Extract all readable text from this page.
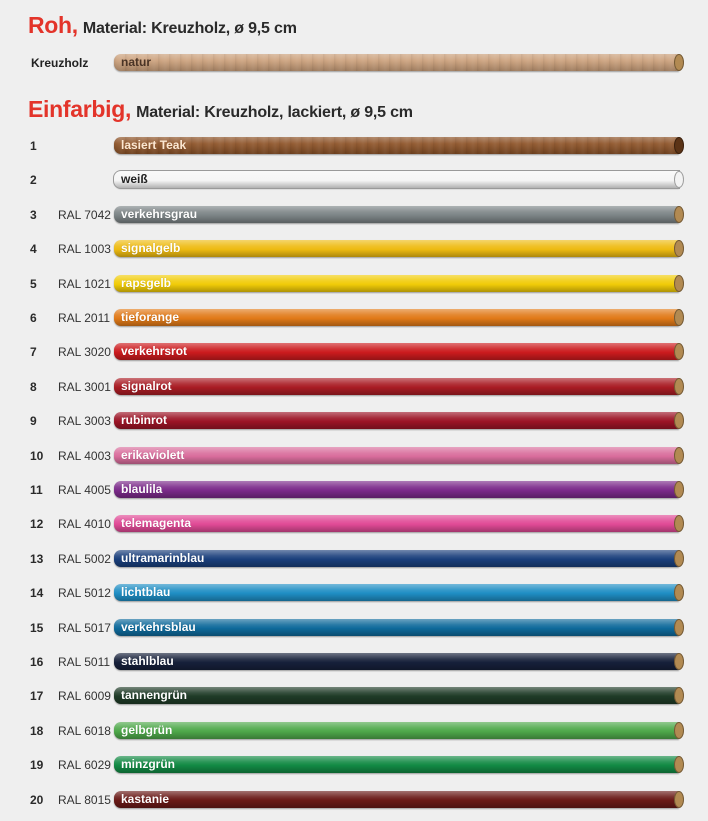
Roh, Material: Kreuzholz, ø 9,5 cm
Kreuzholz	natur
Einfarbig, Material: Kreuzholz, lackiert, ø 9,5 cm
1	lasiert Teak
2	weiß
3	RAL 7042 verkehrsgrau
4	RAL 1003 signalgelb
5	RAL 1021 rapsgelb
6	RAL 2011 tieforange
7	RAL 3020 verkehrsrot
8	RAL 3001 signalrot
9	RAL 3003 rubinrot
10	RAL 4003 erikaviolett
11	RAL 4005 blaulila
12	RAL 4010 telemagenta
13	RAL 5002 ultramarinblau
14	RAL 5012 lichtblau
15	RAL 5017 verkehrsblau
16	RAL 5011 stahlblau
17	RAL 6009 tannengrün
18	RAL 6018 gelbgrün
19	RAL 6029 minzgrün
20	RAL 8015 kastanie
